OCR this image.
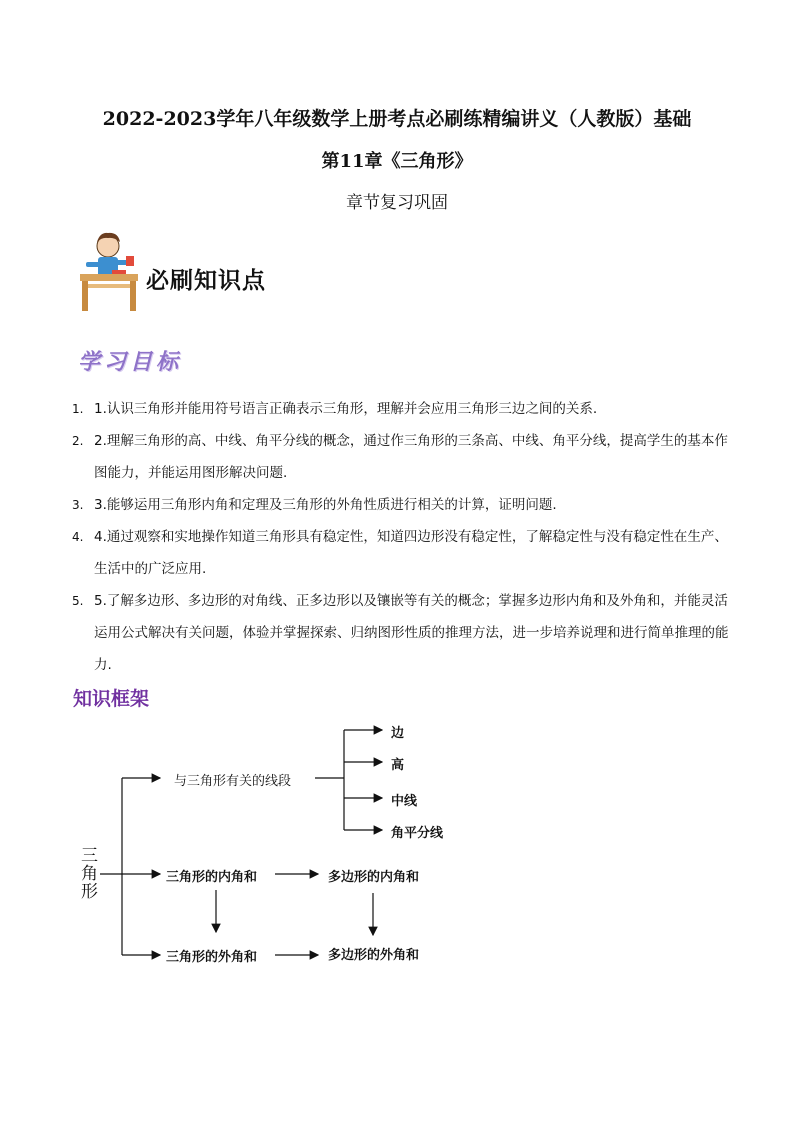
2022-2023学年八年级数学上册考点必刷练精编讲义（人教版）基础
第11章《三角形》
章节复习巩固
必刷知识点
学习目标
1. 1.认识三角形并能用符号语言正确表示三角形，理解并会应用三角形三边之间的关系.
2. 2.理解三角形的高、中线、角平分线的概念，通过作三角形的三条高、中线、角平分线，提高学生的基本作图能力，并能运用图形解决问题.
3. 3.能够运用三角形内角和定理及三角形的外角性质进行相关的计算，证明问题.
4. 4.通过观察和实地操作知道三角形具有稳定性，知道四边形没有稳定性，了解稳定性与没有稳定性在生产、生活中的广泛应用.
5. 5.了解多边形、多边形的对角线、正多边形以及镶嵌等有关的概念；掌握多边形内角和及外角和，并能灵活运用公式解决有关问题，体验并掌握探索、归纳图形性质的推理方法，进一步培养说理和进行简单推理的能力.
知识框架
三角形
与三角形有关的线段
边
高
中线
角平分线
三角形的内角和	多边形的内角和
三角形的外角和	多边形的外角和
